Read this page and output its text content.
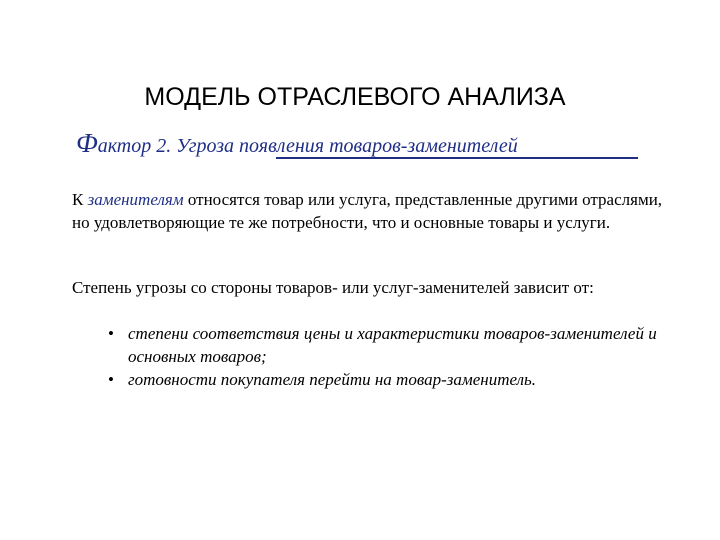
МОДЕЛЬ ОТРАСЛЕВОГО АНАЛИЗА
Фактор 2. Угроза появления товаров-заменителей
К заменителям относятся товар или услуга, представленные другими отраслями, но удовлетворяющие те же потребности, что и основные товары и услуги.
Степень угрозы со стороны товаров- или услуг-заменителей зависит от:
• степени соответствия цены и характеристики товаров-заменителей и основных товаров;
• готовности покупателя перейти на товар-заменитель.
